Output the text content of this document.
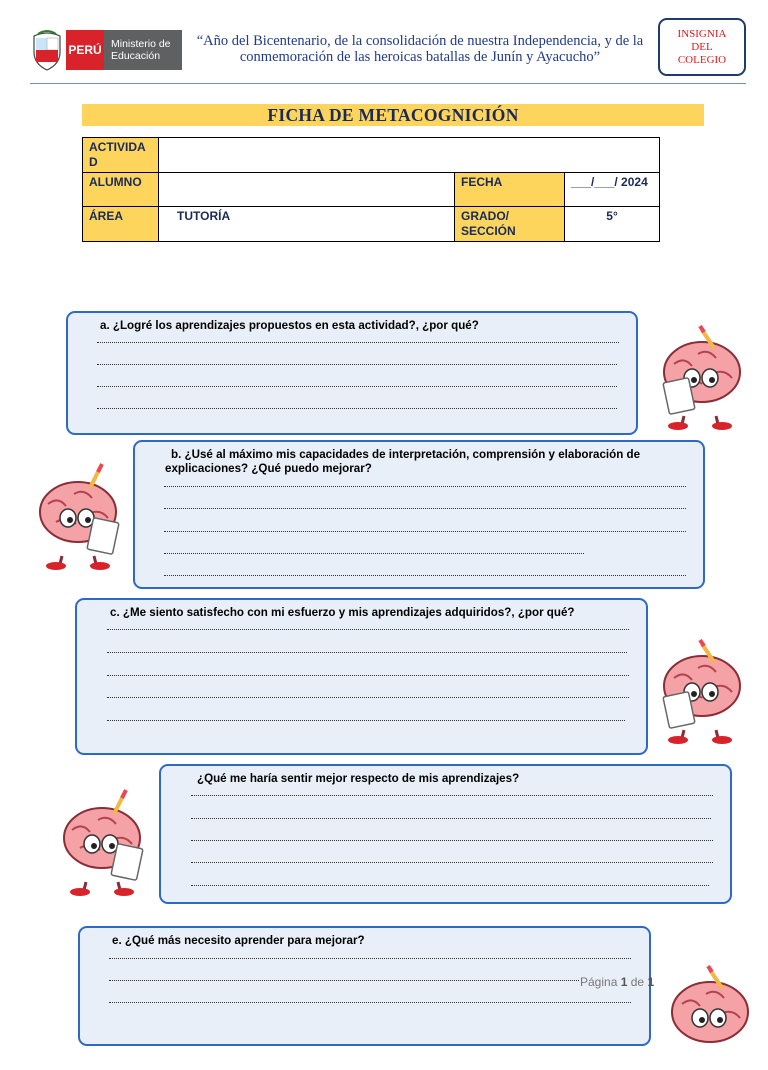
PERÚ Ministerio de Educación
“Año del Bicentenario, de la consolidación de nuestra Independencia, y de la
conmemoración de las heroicas batallas de Junín y Ayacucho”
INSIGNIA
DEL
COLEGIO
FICHA DE METACOGNICIÓN
ACTIVIDAD			
ALUMNO		FECHA	___/___/ 2024
ÁREA	TUTORÍA	GRADO/ SECCIÓN	5°
a. ¿Logré los aprendizajes propuestos en esta actividad?, ¿por qué?
b. ¿Usé al máximo mis capacidades de interpretación, comprensión y elaboración de explicaciones? ¿Qué puedo mejorar?
c. ¿Me siento satisfecho con mi esfuerzo y mis aprendizajes adquiridos?, ¿por qué?
¿Qué me haría sentir mejor respecto de mis aprendizajes?
e. ¿Qué más necesito aprender para mejorar?
Página 1 de 1
